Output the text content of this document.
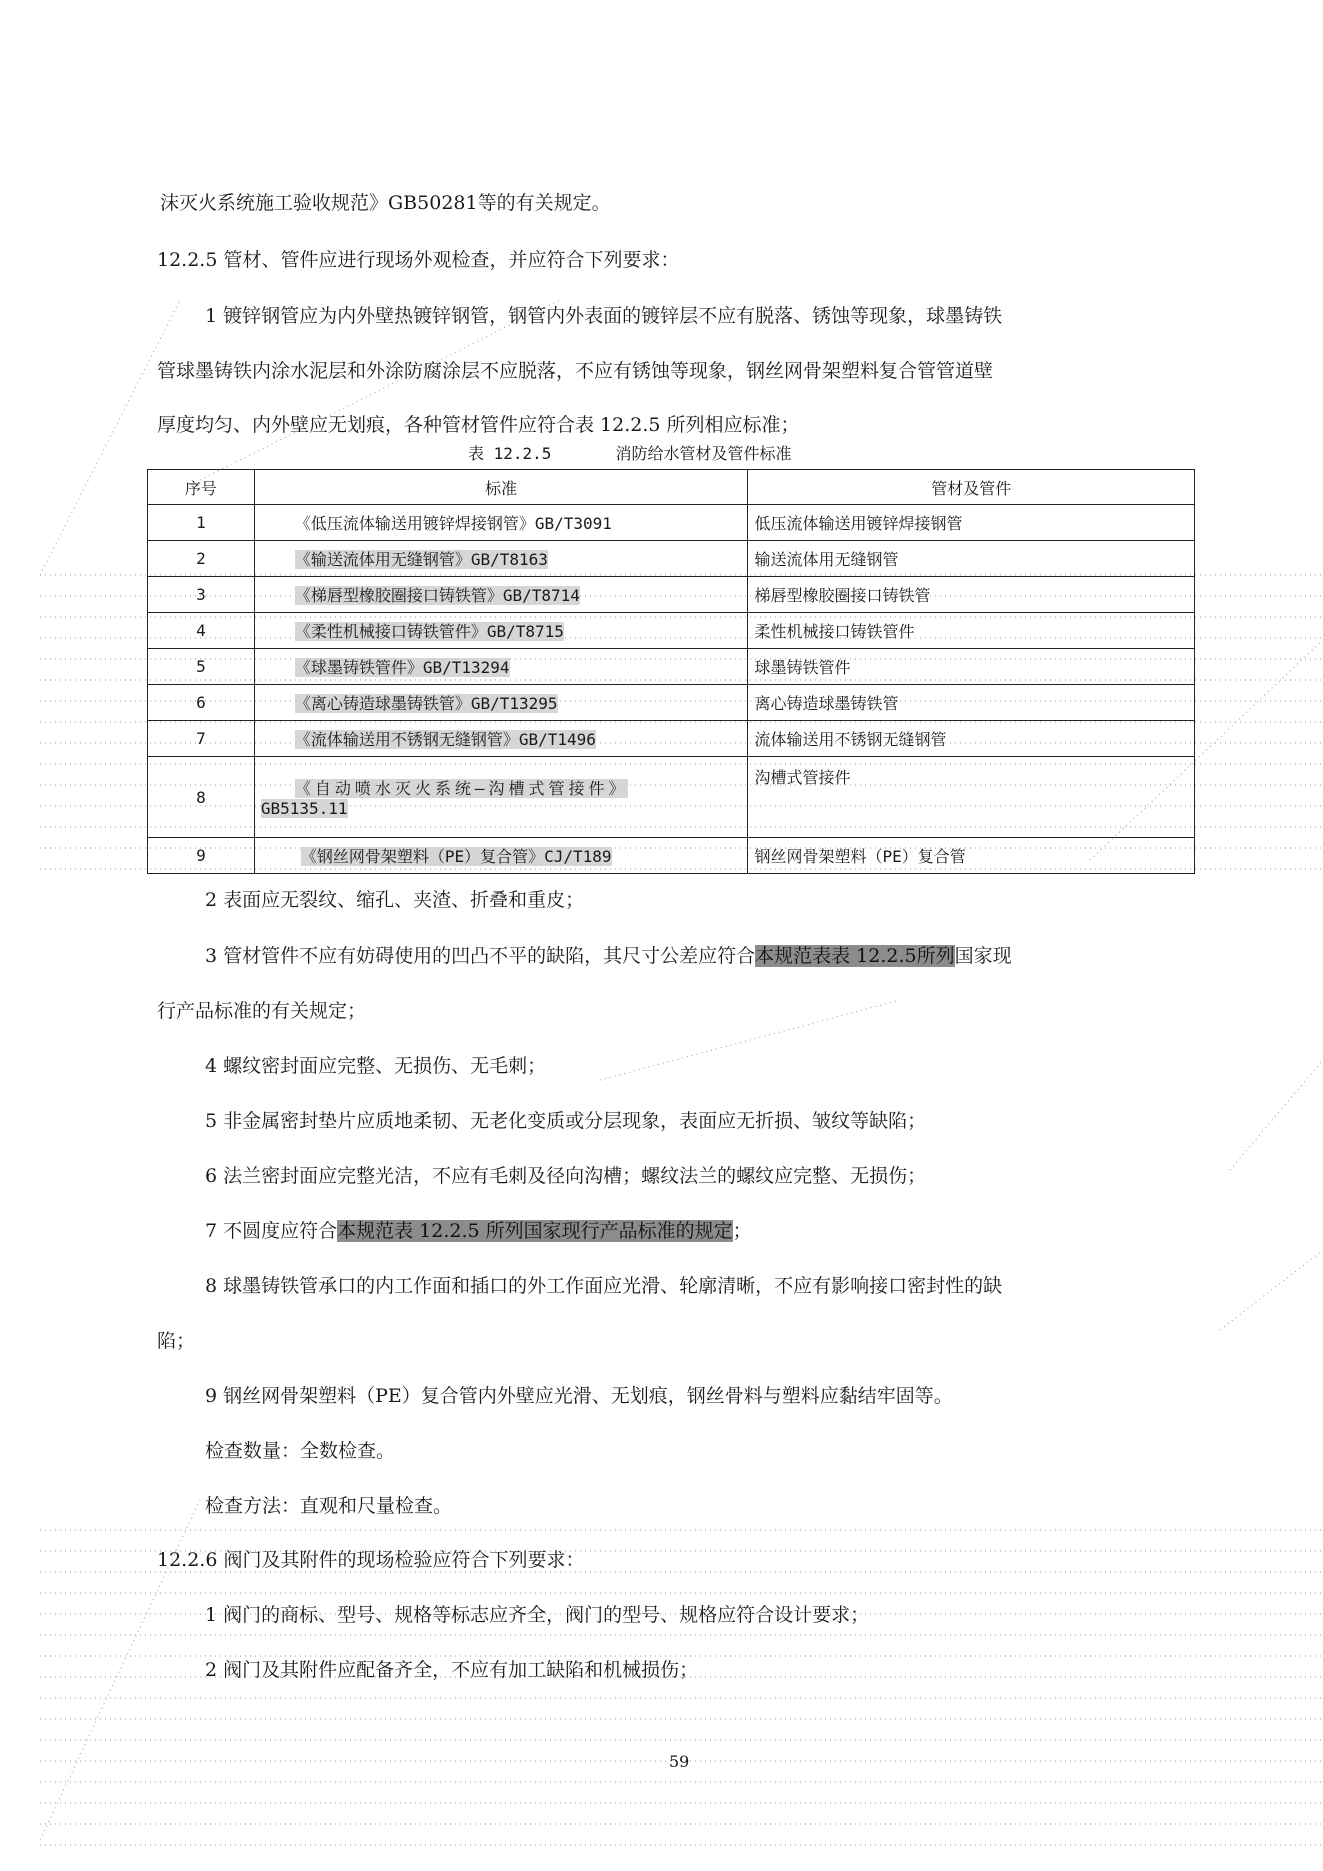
沫灭火系统施工验收规范》GB50281等的有关规定。
12.2.5 管材、管件应进行现场外观检查，并应符合下列要求：
1 镀锌钢管应为内外壁热镀锌钢管，钢管内外表面的镀锌层不应有脱落、锈蚀等现象，球墨铸铁
管球墨铸铁内涂水泥层和外涂防腐涂层不应脱落，不应有锈蚀等现象，钢丝网骨架塑料复合管管道壁
厚度均匀、内外壁应无划痕，各种管材管件应符合表 12.2.5 所列相应标准；
表 12.2.5	消防给水管材及管件标准
序号	标准	管材及管件
1	《低压流体输送用镀锌焊接钢管》GB/T3091	低压流体输送用镀锌焊接钢管
2	《输送流体用无缝钢管》GB/T8163	输送流体用无缝钢管
3	《梯唇型橡胶圈接口铸铁管》GB/T8714	梯唇型橡胶圈接口铸铁管
4	《柔性机械接口铸铁管件》GB/T8715	柔性机械接口铸铁管件
5	《球墨铸铁管件》GB/T13294	球墨铸铁管件
6	《离心铸造球墨铸铁管》GB/T13295	离心铸造球墨铸铁管
7	《流体输送用不锈钢无缝钢管》GB/T1496	流体输送用不锈钢无缝钢管
8	《自动喷水灭火系统—沟槽式管接件》
GB5135.11	沟槽式管接件
9	《钢丝网骨架塑料（PE）复合管》CJ/T189	钢丝网骨架塑料（PE）复合管
2 表面应无裂纹、缩孔、夹渣、折叠和重皮；
3 管材管件不应有妨碍使用的凹凸不平的缺陷，其尺寸公差应符合本规范表表 12.2.5所列国家现
行产品标准的有关规定；
4 螺纹密封面应完整、无损伤、无毛刺；
5 非金属密封垫片应质地柔韧、无老化变质或分层现象，表面应无折损、皱纹等缺陷；
6 法兰密封面应完整光洁，不应有毛刺及径向沟槽；螺纹法兰的螺纹应完整、无损伤；
7 不圆度应符合本规范表 12.2.5 所列国家现行产品标准的规定；
8 球墨铸铁管承口的内工作面和插口的外工作面应光滑、轮廓清晰，不应有影响接口密封性的缺
陷；
9 钢丝网骨架塑料（PE）复合管内外壁应光滑、无划痕，钢丝骨料与塑料应黏结牢固等。
检查数量：全数检查。
检查方法：直观和尺量检查。
12.2.6 阀门及其附件的现场检验应符合下列要求：
1 阀门的商标、型号、规格等标志应齐全，阀门的型号、规格应符合设计要求；
2 阀门及其附件应配备齐全，不应有加工缺陷和机械损伤；
59
